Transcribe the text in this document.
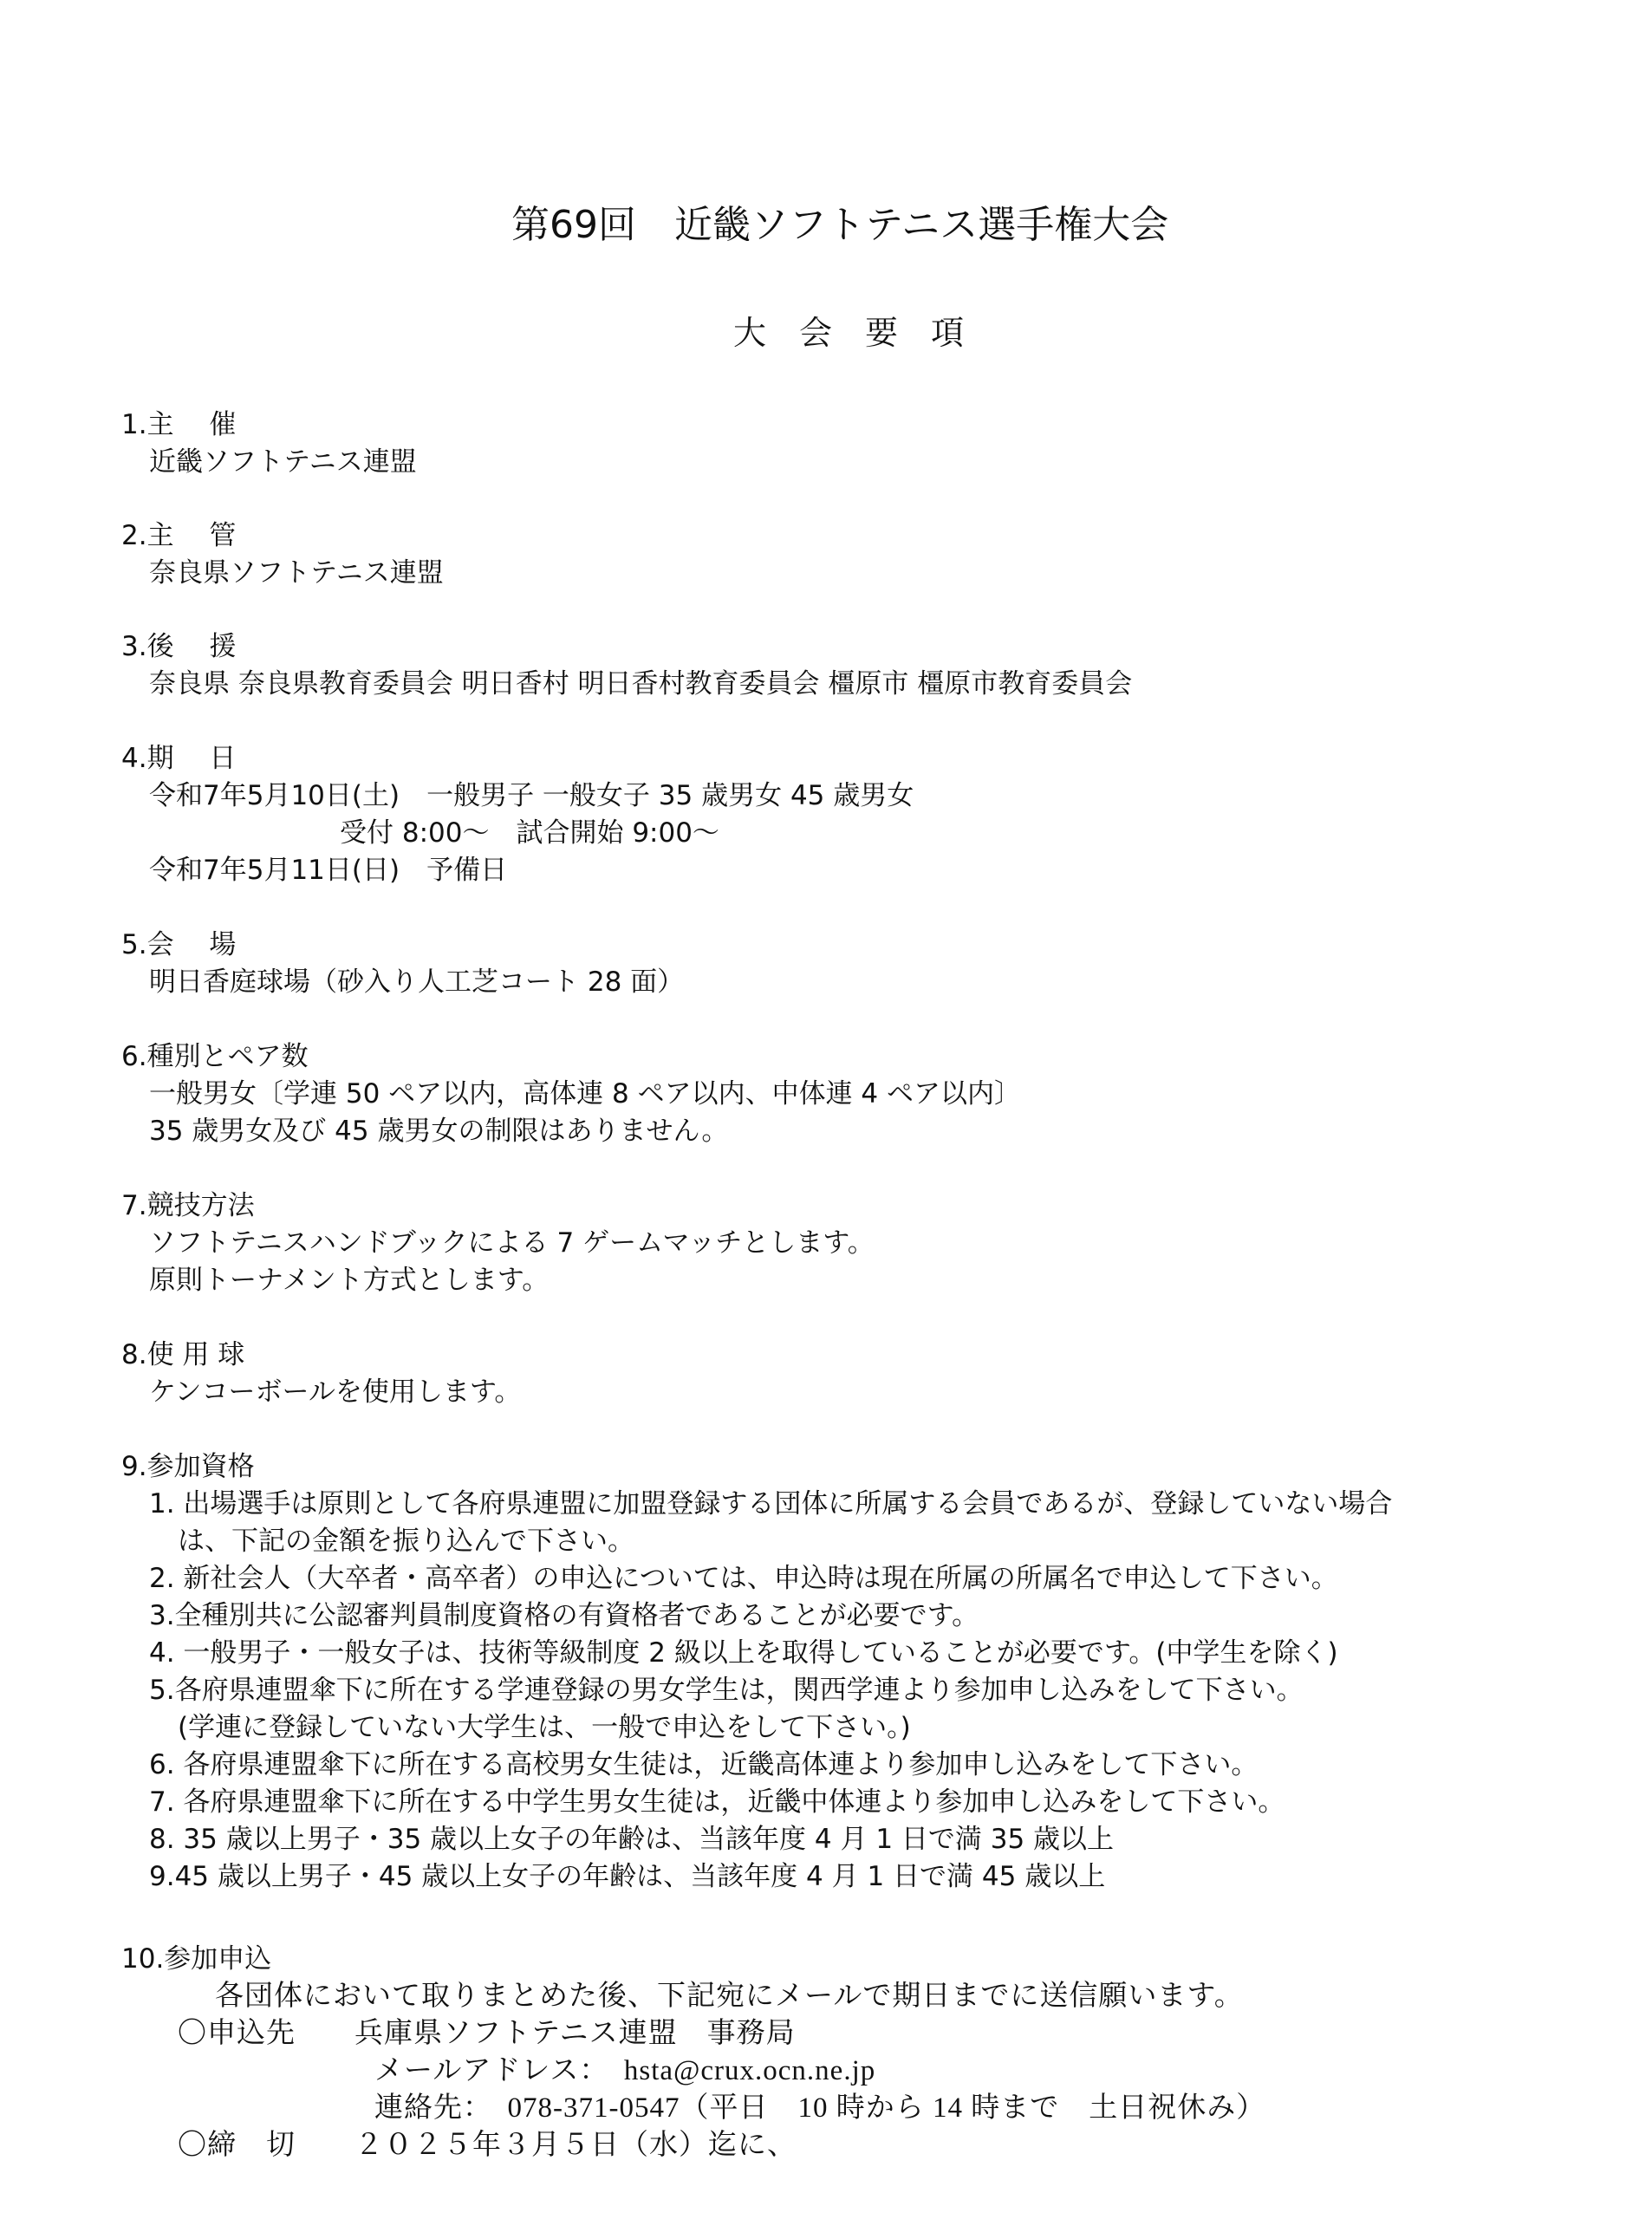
第69回　近畿ソフトテニス選手権大会
大　会　要　項
1.主　 催
近畿ソフトテニス連盟
2.主　 管
奈良県ソフトテニス連盟
3.後　 援
奈良県 奈良県教育委員会 明日香村 明日香村教育委員会 橿原市 橿原市教育委員会
4.期　 日
令和7年5月10日(土)　一般男子 一般女子 35 歳男女 45 歳男女
受付 8:00～　試合開始 9:00～
令和7年5月11日(日)　予備日
5.会　 場
明日香庭球場（砂入り人工芝コート 28 面）
6.種別とペア数
一般男女〔学連 50 ペア以内，高体連 8 ペア以内、中体連 4 ペア以内〕
35 歳男女及び 45 歳男女の制限はありません。
7.競技方法
ソフトテニスハンドブックによる 7 ゲームマッチとします。
原則トーナメント方式とします。
8.使 用 球
ケンコーボールを使用します。
9.参加資格
1. 出場選手は原則として各府県連盟に加盟登録する団体に所属する会員であるが、登録していない場合
は、下記の金額を振り込んで下さい。
2. 新社会人（大卒者・高卒者）の申込については、申込時は現在所属の所属名で申込して下さい。
3.全種別共に公認審判員制度資格の有資格者であることが必要です。
4. 一般男子・一般女子は、技術等級制度 2 級以上を取得していることが必要です。(中学生を除く)
5.各府県連盟傘下に所在する学連登録の男女学生は，関西学連より参加申し込みをして下さい。
(学連に登録していない大学生は、一般で申込をして下さい。)
6. 各府県連盟傘下に所在する高校男女生徒は，近畿高体連より参加申し込みをして下さい。
7. 各府県連盟傘下に所在する中学生男女生徒は，近畿中体連より参加申し込みをして下さい。
8. 35 歳以上男子・35 歳以上女子の年齢は、当該年度 4 月 1 日で満 35 歳以上
9.45 歳以上男子・45 歳以上女子の年齢は、当該年度 4 月 1 日で満 45 歳以上
10.参加申込
各団体において取りまとめた後、下記宛にメールで期日までに送信願います。
〇申込先　　兵庫県ソフトテニス連盟　事務局
メールアドレス：　hsta@crux.ocn.ne.jp
連絡先：　078-371-0547（平日　10 時から 14 時まで　土日祝休み）
〇締　切　　２０２５年３月５日（水）迄に、
